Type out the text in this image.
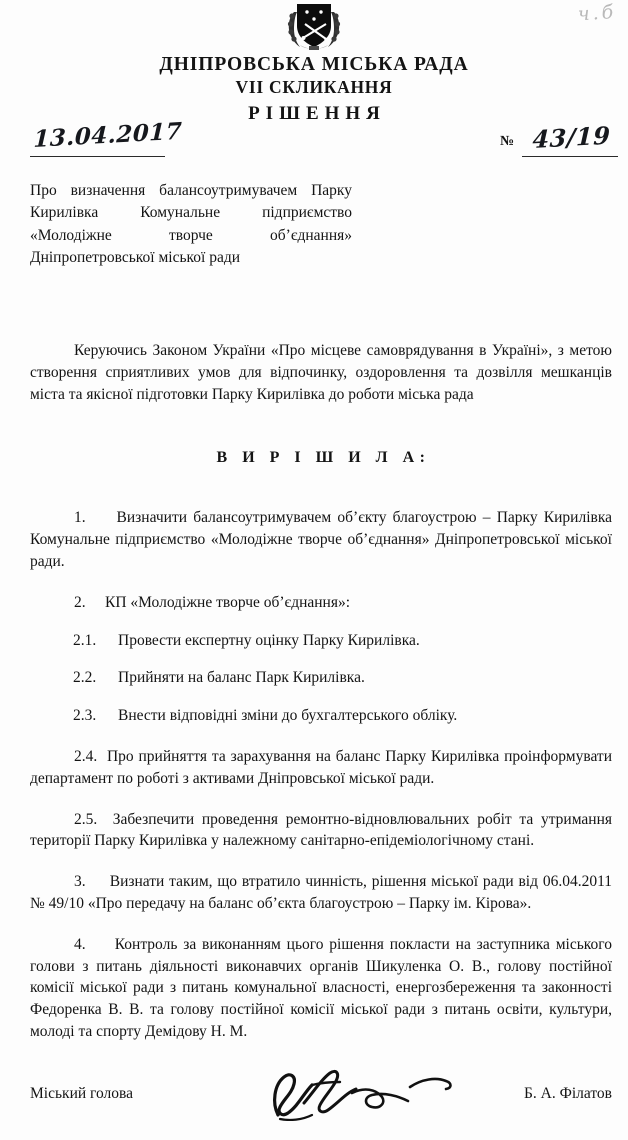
ч.б
ДНІПРОВСЬКА МІСЬКА РАДА
VII СКЛИКАННЯ
РІШЕННЯ
13.04.2017	№ 43/19
Про визначення балансоутримувачем Парку Кирилівка Комунальне підприємство «Молодіжне творче об’єднання» Дніпропетровської міської ради

Керуючись Законом України «Про місцеве самоврядування в Україні», з метою створення сприятливих умов для відпочинку, оздоровлення та дозвілля мешканців міста та якісної підготовки Парку Кирилівка до роботи міська рада

В И Р І Ш И Л А:

1. Визначити балансоутримувачем об’єкту благоустрою – Парку Кирилівка Комунальне підприємство «Молодіжне творче об’єднання» Дніпропетровської міської ради.

2. КП «Молодіжне творче об’єднання»:

2.1. Провести експертну оцінку Парку Кирилівка.

2.2. Прийняти на баланс Парк Кирилівка.

2.3. Внести відповідні зміни до бухгалтерського обліку.

2.4. Про прийняття та зарахування на баланс Парку Кирилівка проінформувати департамент по роботі з активами Дніпровської міської ради.

2.5. Забезпечити проведення ремонтно-відновлювальних робіт та утримання території Парку Кирилівка у належному санітарно-епідеміологічному стані.

3. Визнати таким, що втратило чинність, рішення міської ради від 06.04.2011 № 49/10 «Про передачу на баланс об’єкта благоустрою – Парку ім. Кірова».

4. Контроль за виконанням цього рішення покласти на заступника міського голови з питань діяльності виконавчих органів Шикуленка О. В., голову постійної комісії міської ради з питань комунальної власності, енергозбереження та законності Федоренка В. В. та голову постійної комісії міської ради з питань освіти, культури, молоді та спорту Демідову Н. М.

Міський голова	Б. А. Філатов
